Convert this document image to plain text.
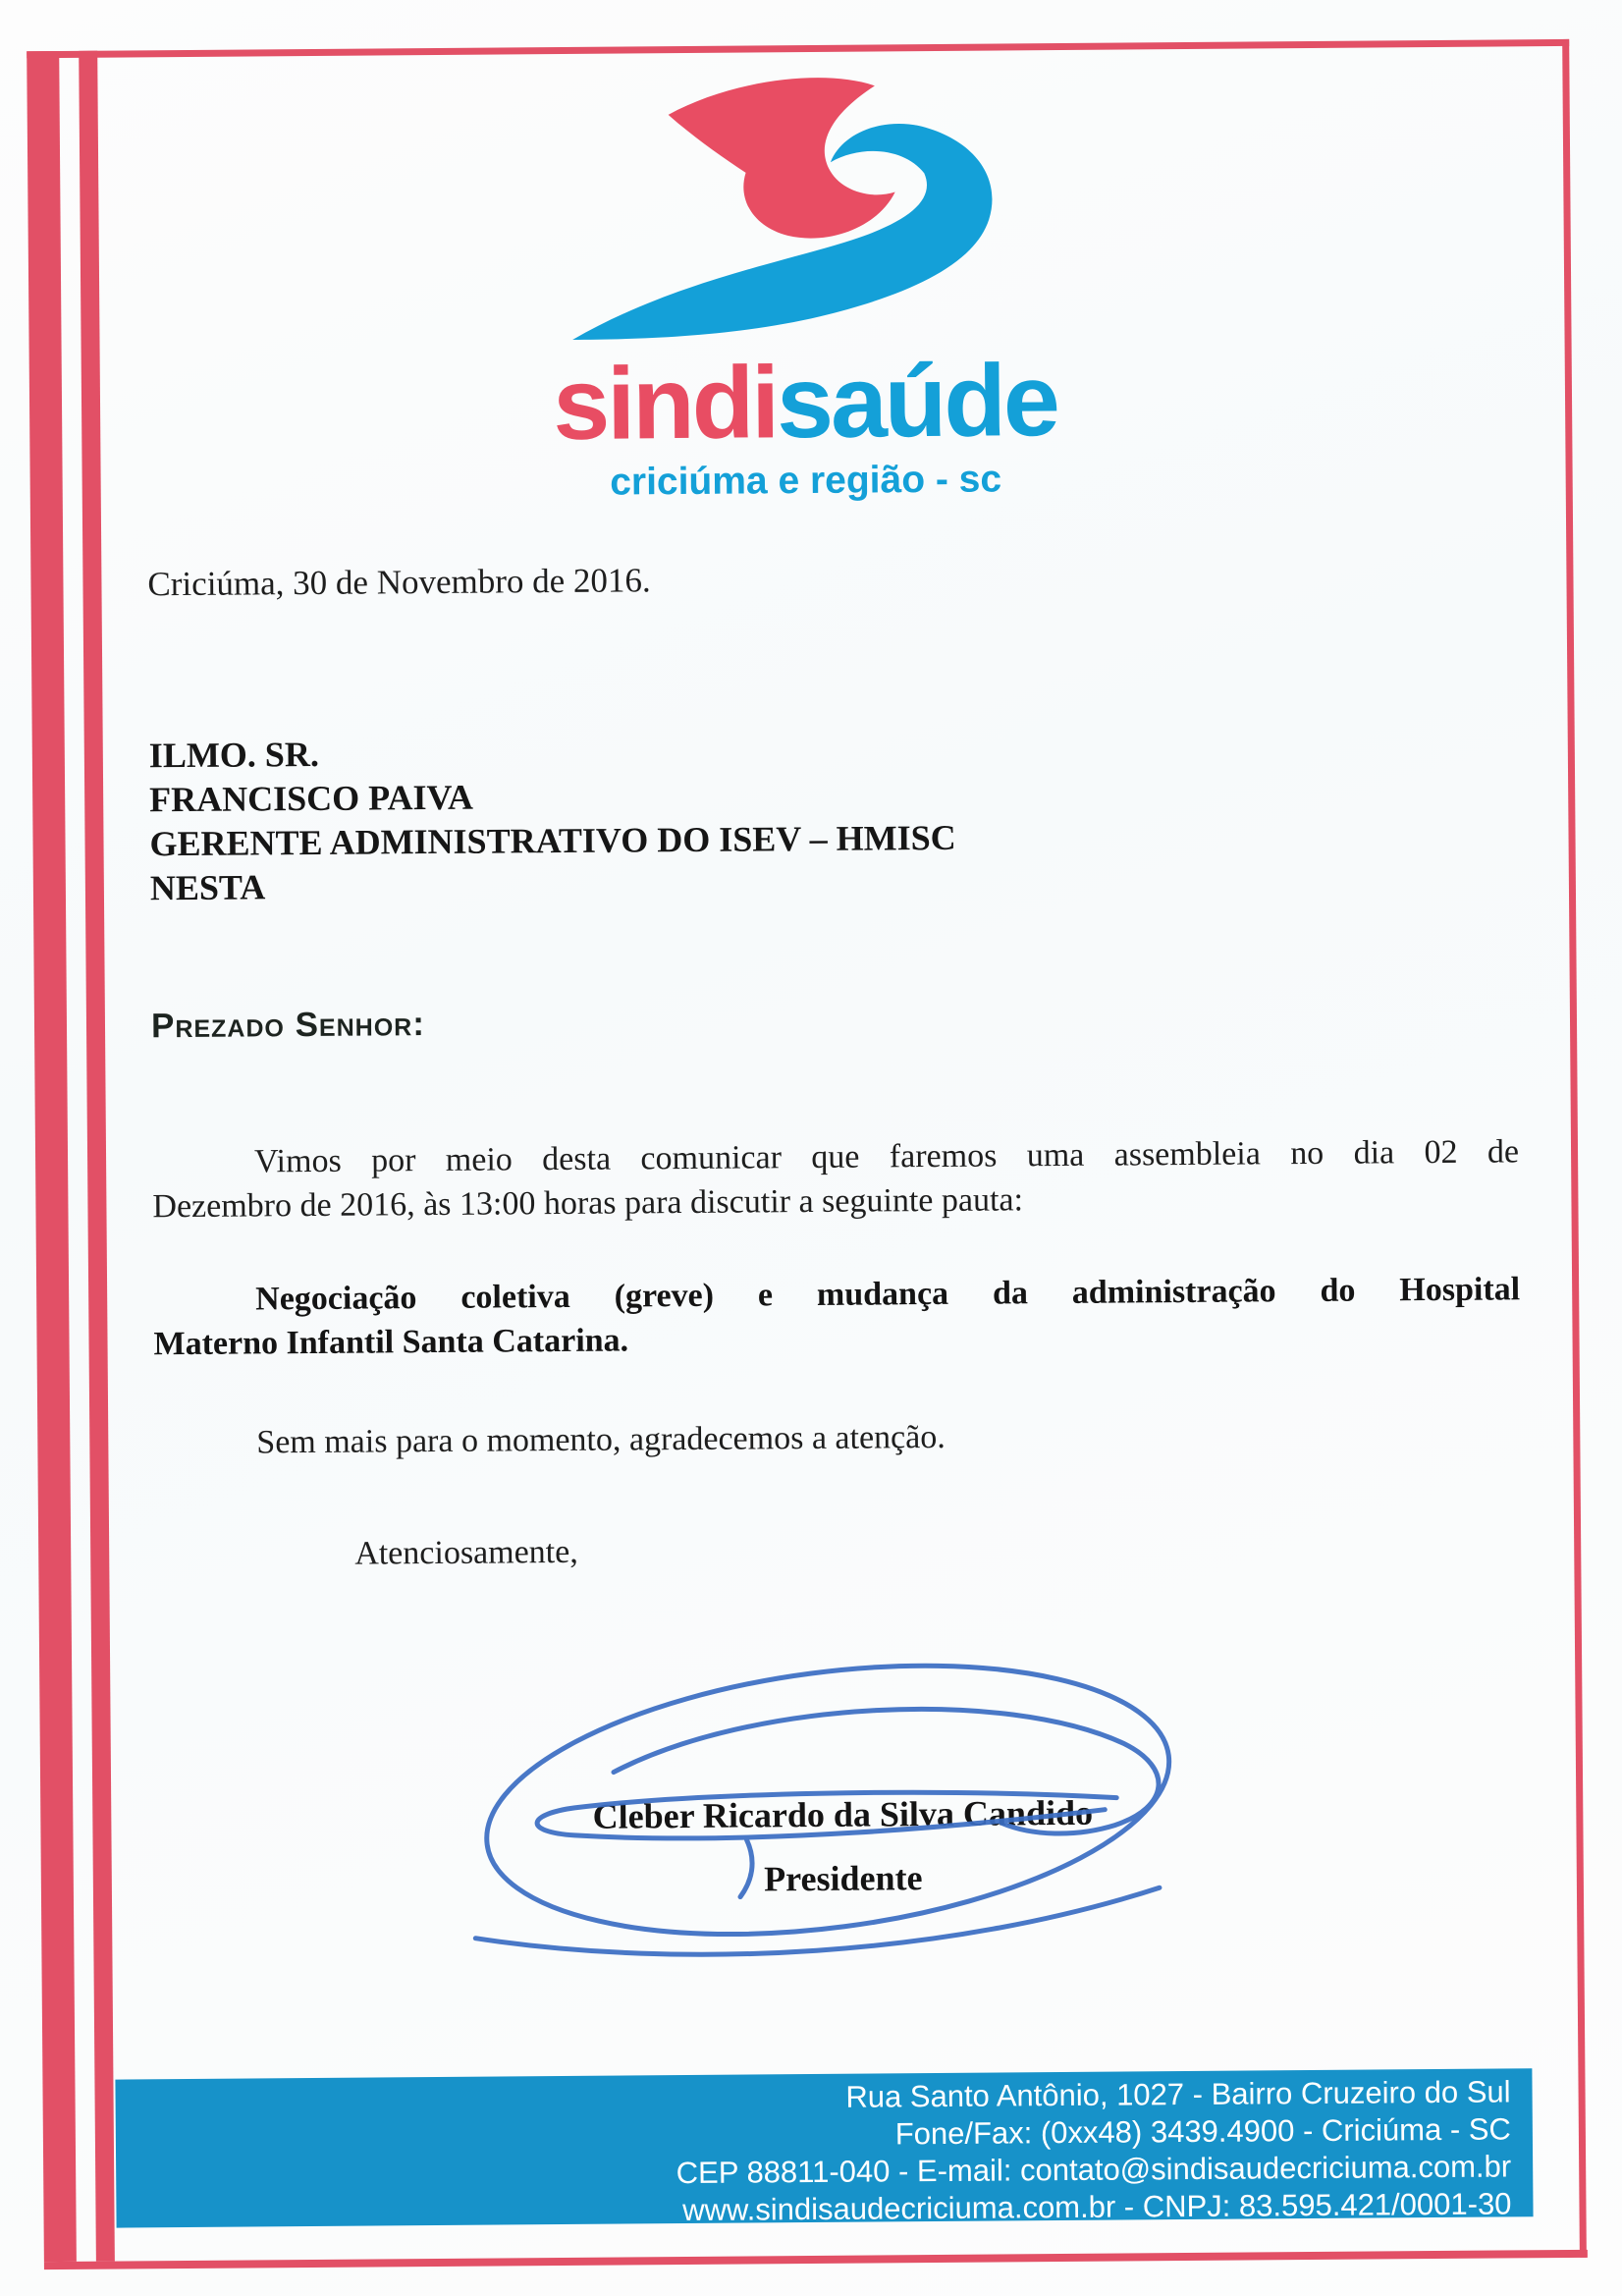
sindisaúde
criciúma e região - sc
Criciúma, 30 de Novembro de 2016.
ILMO. SR.
FRANCISCO PAIVA
GERENTE ADMINISTRATIVO DO ISEV – HMISC
NESTA
Prezado Senhor:
Vimos por meio desta comunicar que faremos uma assembleia no dia 02 de
Dezembro de 2016, às 13:00 horas para discutir a seguinte pauta:
Negociação coletiva (greve) e mudança da administração do Hospital
Materno Infantil Santa Catarina.
Sem mais para o momento, agradecemos a atenção.
Atenciosamente,
Cleber Ricardo da Silva Candido
Presidente
Rua Santo Antônio, 1027 - Bairro Cruzeiro do Sul
Fone/Fax: (0xx48) 3439.4900 - Criciúma - SC
CEP 88811-040 - E-mail: contato@sindisaudecriciuma.com.br
www.sindisaudecriciuma.com.br - CNPJ: 83.595.421/0001-30
